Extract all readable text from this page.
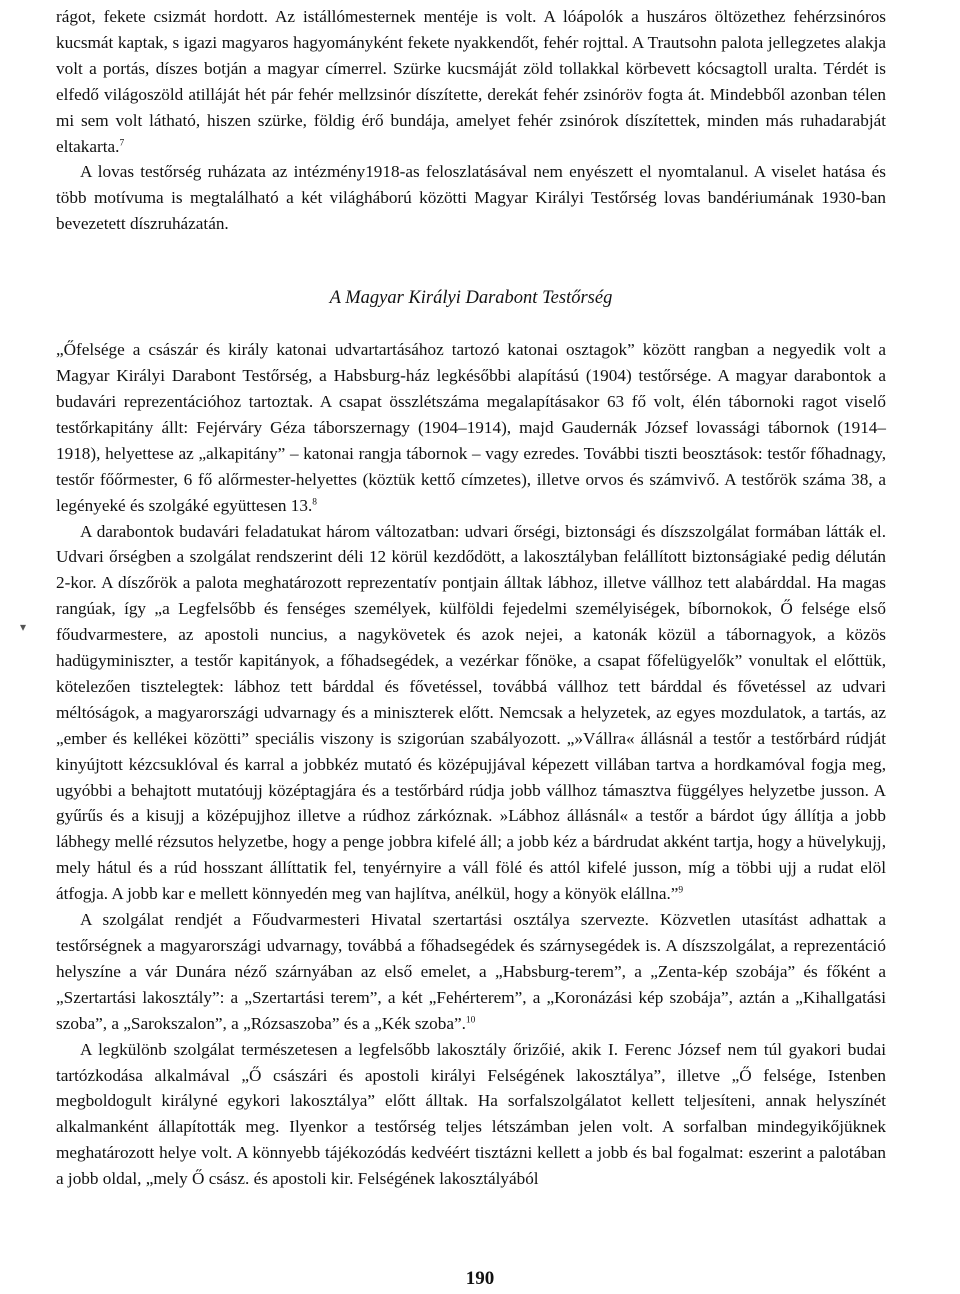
rágot, fekete csizmát hordott. Az istállómesternek mentéje is volt. A lóápolók a huszáros öltözethez fehérzsinóros kucsmát kaptak, s igazi magyaros hagyományként fekete nyakkendőt, fehér rojttal. A Trautsohn palota jellegzetes alakja volt a portás, díszes botján a magyar címerrel. Szürke kucsmáját zöld tollakkal körbevett kócsagtoll uralta. Térdét is elfedő világoszöld atilláját hét pár fehér mellzsinór díszítette, derekát fehér zsinóröv fogta át. Mindebből azonban télen mi sem volt látható, hiszen szürke, földig érő bundája, amelyet fehér zsinórok díszítettek, minden más ruhadarabját eltakarta.$^7$

A lovas testőrség ruházata az intézmény1918-as feloszlatásával nem enyészett el nyomtalanul. A viselet hatása és több motívuma is megtalálható a két világháború közötti Magyar Királyi Testőrség lovas bandériumának 1930-ban bevezetett díszruházatán.

A Magyar Királyi Darabont Testőrség

„Őfelsége a császár és király katonai udvartartásához tartozó katonai osztagok” között rangban a negyedik volt a Magyar Királyi Darabont Testőrség, a Habsburg-ház legkésőbbi alapítású (1904) testőrsége. A magyar darabontok a budavári reprezentációhoz tartoztak. A csapat összlétszáma megalapításakor 63 fő volt, élén tábornoki ragot viselő testőrkapitány állt: Fejérváry Géza táborszernagy (1904–1914), majd Gaudernák József lovassági tábornok (1914–1918), helyettese az „alkapitány” – katonai rangja tábornok – vagy ezredes. További tiszti beosztások: testőr főhadnagy, testőr főőrmester, 6 fő alőrmester-helyettes (köztük kettő címzetes), illetve orvos és számvivő. A testőrök száma 38, a legényeké és szolgáké együttesen 13.$^8$

A darabontok budavári feladatukat három változatban: udvari őrségi, biztonsági és díszszolgálat formában látták el. Udvari őrségben a szolgálat rendszerint déli 12 körül kezdődött, a lakosztályban felállított biztonságiaké pedig délután 2-kor. A díszőrök a palota meghatározott reprezentatív pontjain álltak lábhoz, illetve vállhoz tett alabárddal. Ha magas rangúak, így „a Legfelsőbb és fenséges személyek, külföldi fejedelmi személyiségek, bíbornokok, Ő felsége első főudvarmestere, az apostoli nuncius, a nagykövetek és azok nejei, a katonák közül a tábornagyok, a közös hadügyminiszter, a testőr kapitányok, a főhadsegédek, a vezérkar főnöke, a csapat főfelügyelők” vonultak el előttük, kötelezően tisztelegtek: lábhoz tett bárddal és fővetéssel, továbbá vállhoz tett bárddal és fővetéssel az udvari méltóságok, a magyarországi udvarnagy és a miniszterek előtt. Nemcsak a helyzetek, az egyes mozdulatok, a tartás, az „ember és kellékei közötti” speciális viszony is szigorúan szabályozott. „»Vállra« állásnál a testőr a testőrbárd rúdját kinyújtott kézcsuklóval és karral a jobbkéz mutató és középujjával képezett villában tartva a hordkamóval fogja meg, ugyóbbi a behajtott mutatóujj középtagjára és a testőrbárd rúdja jobb vállhoz támasztva függélyes helyzetbe jusson. A gyűrűs és a kisujj a középujjhoz illetve a rúdhoz zárkóznak. »Lábhoz állásnál« a testőr a bárdot úgy állítja a jobb lábhegy mellé rézsutos helyzetbe, hogy a penge jobbra kifelé áll; a jobb kéz a bárdrudat akként tartja, hogy a hüvelykujj, mely hátul és a rúd hosszant állíttatik fel, tenyérnyire a váll fölé és attól kifelé jusson, míg a többi ujj a rudat elöl átfogja. A jobb kar e mellett könnyedén meg van hajlítva, anélkül, hogy a könyök elállna.”$^9$

A szolgálat rendjét a Főudvarmesteri Hivatal szertartási osztálya szervezte. Közvetlen utasítást adhattak a testőrségnek a magyarországi udvarnagy, továbbá a főhadsegédek és szárnysegédek is. A díszszolgálat, a reprezentáció helyszíne a vár Dunára néző szárnyában az első emelet, a „Habsburg-terem”, a „Zenta-kép szobája” és főként a „Szertartási lakosztály”: a „Szertartási terem”, a két „Fehérterem”, a „Koronázási kép szobája”, aztán a „Kihallgatási szoba”, a „Sarokszalon”, a „Rózsaszoba” és a „Kék szoba”.$^{10}$

A legkülönb szolgálat természetesen a legfelsőbb lakosztály őrizőié, akik I. Ferenc József nem túl gyakori budai tartózkodása alkalmával „Ő császári és apostoli királyi Felségének lakosztálya”, illetve „Ő felsége, Istenben megboldogult királyné egykori lakosztálya” előtt álltak. Ha sorfalszolgálatot kellett teljesíteni, annak helyszínét alkalmanként állapították meg. Ilyenkor a testőrség teljes létszámban jelen volt. A sorfalban mindegyikőjüknek meghatározott helye volt. A könnyebb tájékozódás kedvéért tisztázni kellett a jobb és bal fogalmat: eszerint a palotában a jobb oldal, „mely Ő csász. és apostoli kir. Felségének lakosztályából

▾
190
